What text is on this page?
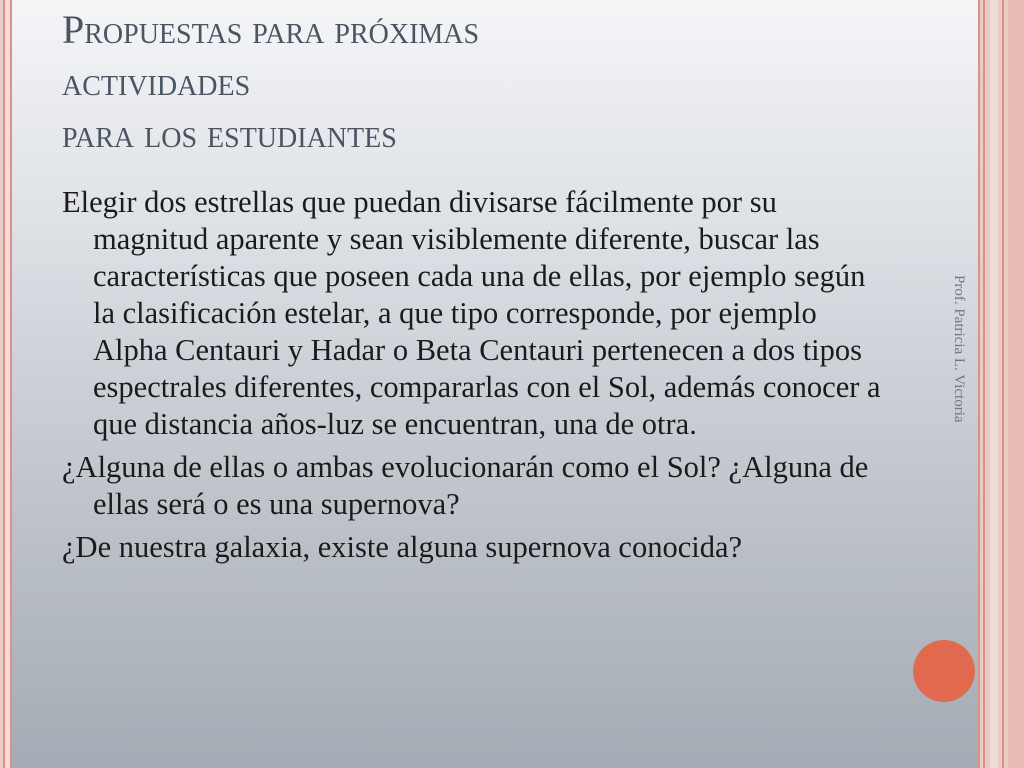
Propuestas para próximas
actividades
para los estudiantes
Elegir dos estrellas que puedan divisarse fácilmente por su magnitud aparente y sean visiblemente diferente, buscar las características que poseen cada una de ellas, por ejemplo según la clasificación estelar, a que tipo corresponde, por ejemplo Alpha Centauri y Hadar o Beta Centauri pertenecen a dos tipos espectrales diferentes, compararlas con el Sol, además conocer a que distancia años-luz se encuentran, una de otra.
¿Alguna de ellas o ambas evolucionarán como el Sol? ¿Alguna de ellas será o es una supernova?
¿De nuestra galaxia, existe alguna supernova conocida?
Prof. Patricia L. Victoria
